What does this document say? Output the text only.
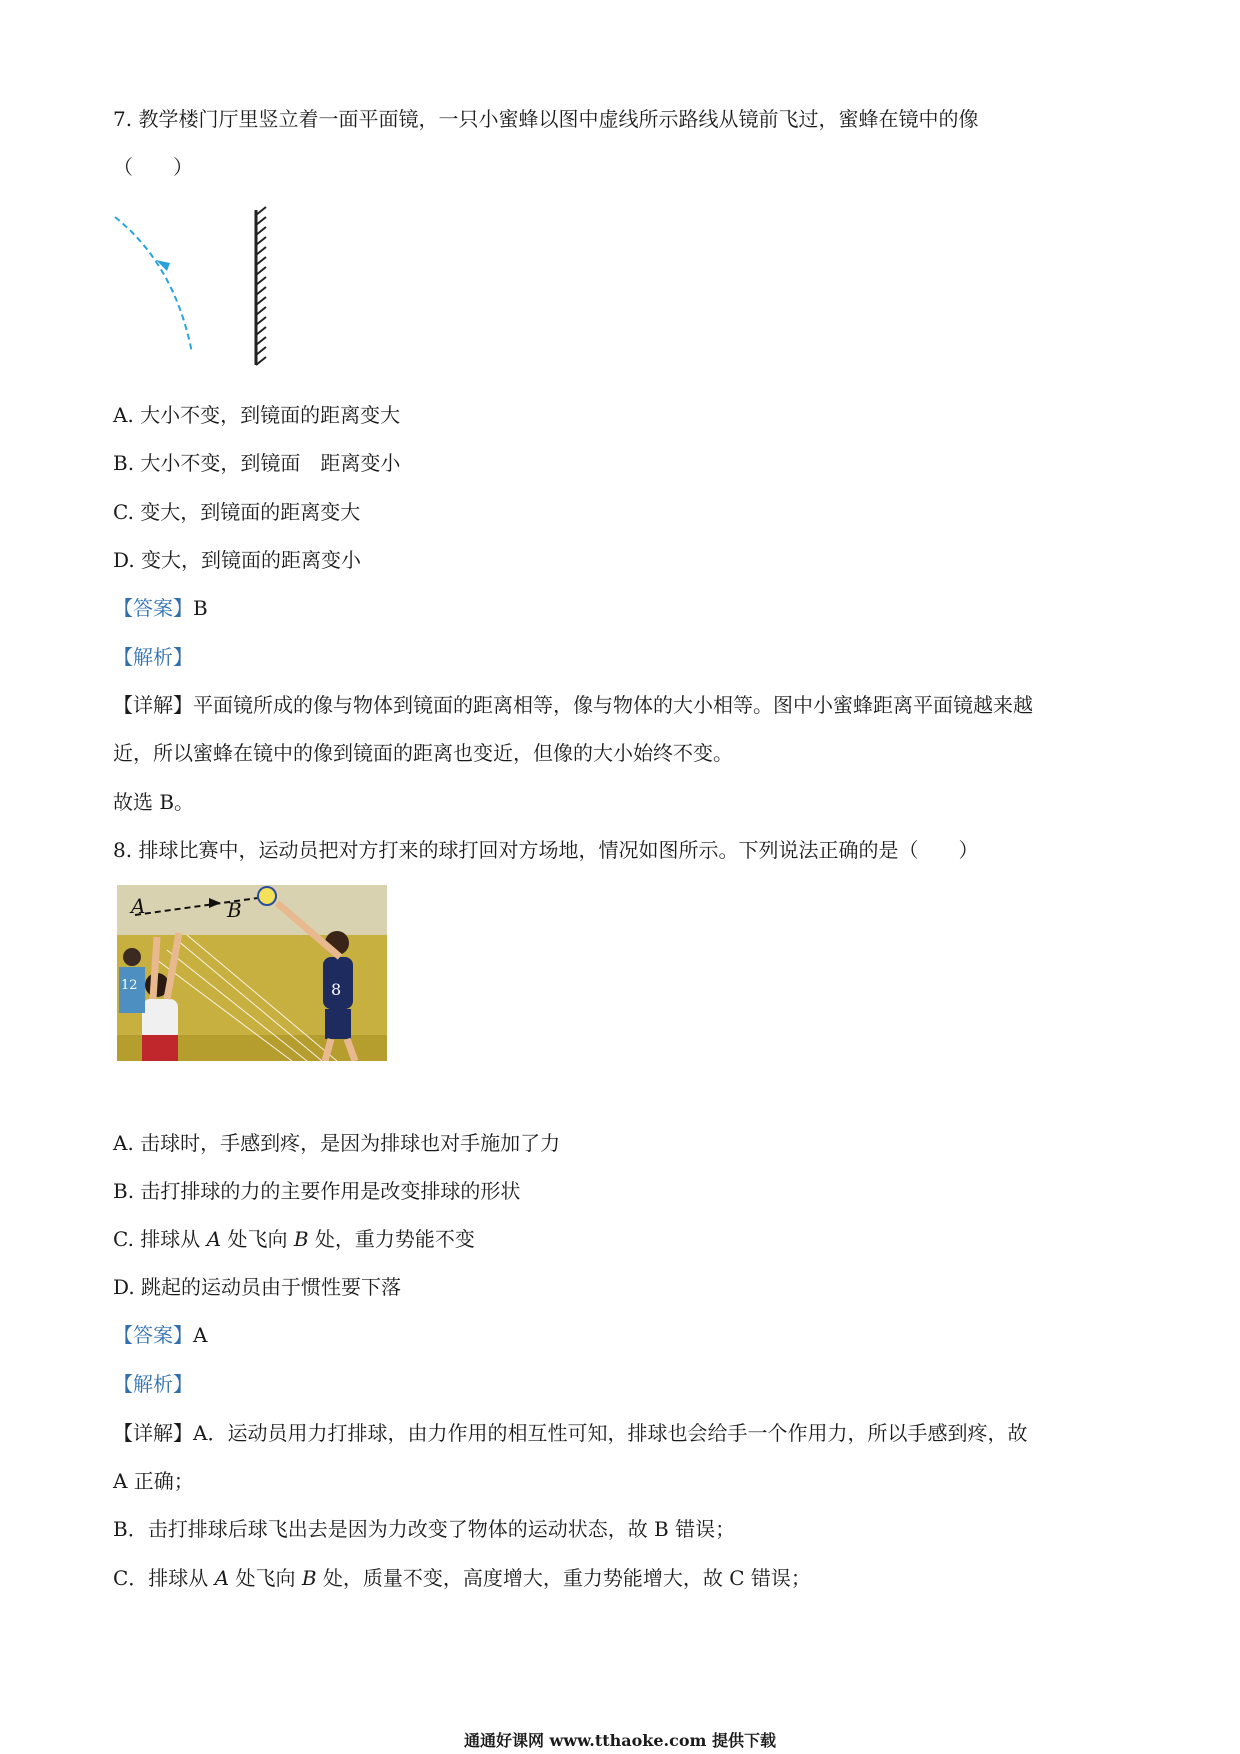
7. 教学楼门厅里竖立着一面平面镜，一只小蜜蜂以图中虚线所示路线从镜前飞过，蜜蜂在镜中的像
（　　）
A. 大小不变，到镜面的距离变大
B. 大小不变，到镜面　距离变小
C. 变大，到镜面的距离变大
D. 变大，到镜面的距离变小
【答案】B
【解析】
【详解】平面镜所成的像与物体到镜面的距离相等，像与物体的大小相等。图中小蜜蜂距离平面镜越来越
近，所以蜜蜂在镜中的像到镜面的距离也变近，但像的大小始终不变。
故选 B。
8. 排球比赛中，运动员把对方打来的球打回对方场地，情况如图所示。下列说法正确的是（　　）
A	B
8
12
A. 击球时，手感到疼，是因为排球也对手施加了力
B. 击打排球的力的主要作用是改变排球的形状
C. 排球从 A 处飞向 B 处，重力势能不变
D. 跳起的运动员由于惯性要下落
【答案】A
【解析】
【详解】A．运动员用力打排球，由力作用的相互性可知，排球也会给手一个作用力，所以手感到疼，故
A 正确；
B．击打排球后球飞出去是因为力改变了物体的运动状态，故 B 错误；
C．排球从 A 处飞向 B 处，质量不变，高度增大，重力势能增大，故 C 错误；
通通好课网 www.tthaoke.com 提供下载
